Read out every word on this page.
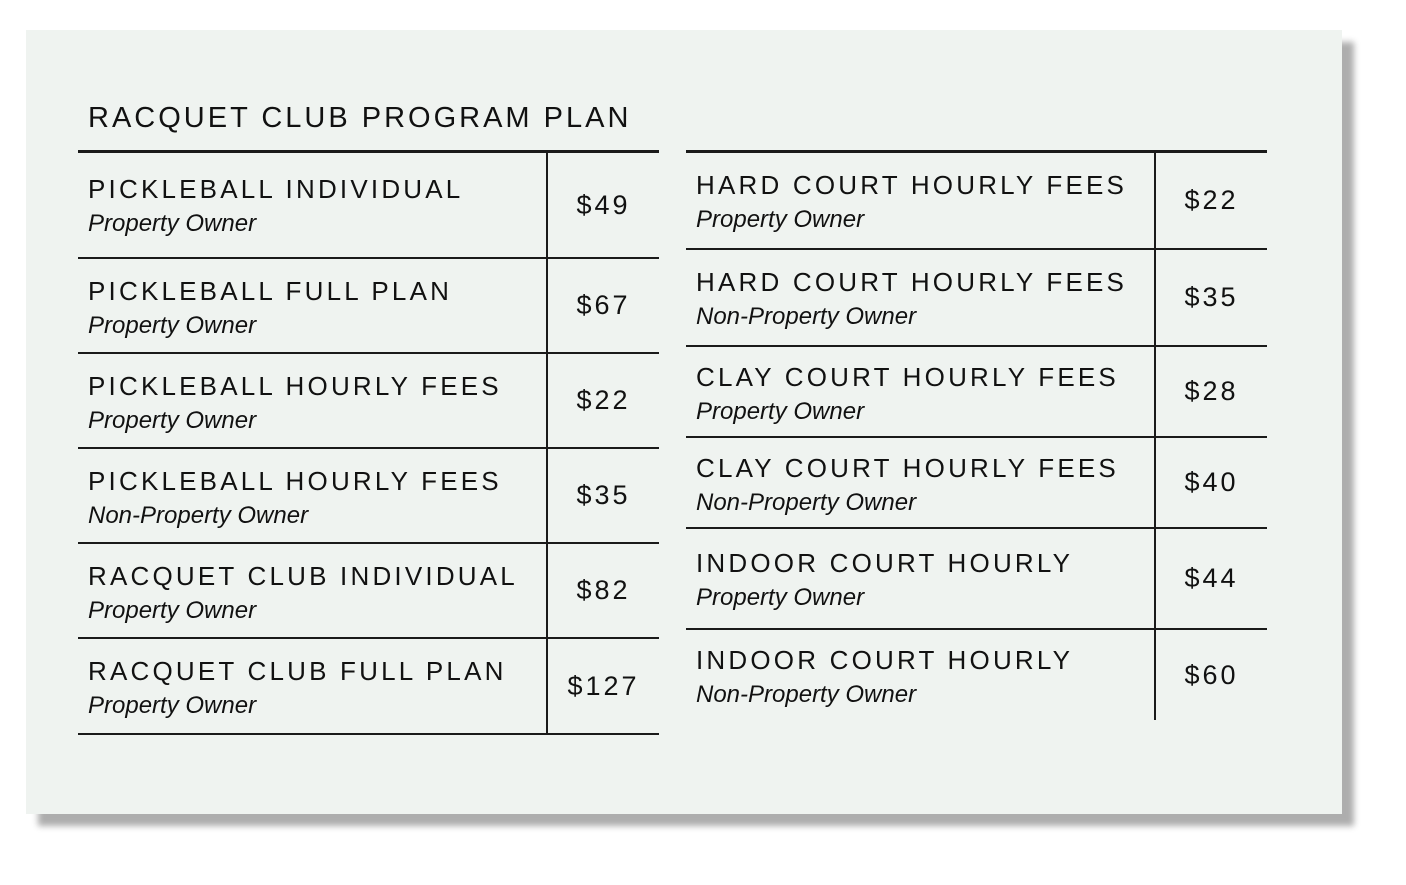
RACQUET CLUB PROGRAM PLAN
PICKLEBALL INDIVIDUAL
Property Owner
$49
PICKLEBALL FULL PLAN
Property Owner
$67
PICKLEBALL HOURLY FEES
Property Owner
$22
PICKLEBALL HOURLY FEES
Non-Property Owner
$35
RACQUET CLUB INDIVIDUAL
Property Owner
$82
RACQUET CLUB FULL PLAN
Property Owner
$127
HARD COURT HOURLY FEES
Property Owner
$22
HARD COURT HOURLY FEES
Non-Property Owner
$35
CLAY COURT HOURLY FEES
Property Owner
$28
CLAY COURT HOURLY FEES
Non-Property Owner
$40
INDOOR COURT HOURLY
Property Owner
$44
INDOOR COURT HOURLY
Non-Property Owner
$60
